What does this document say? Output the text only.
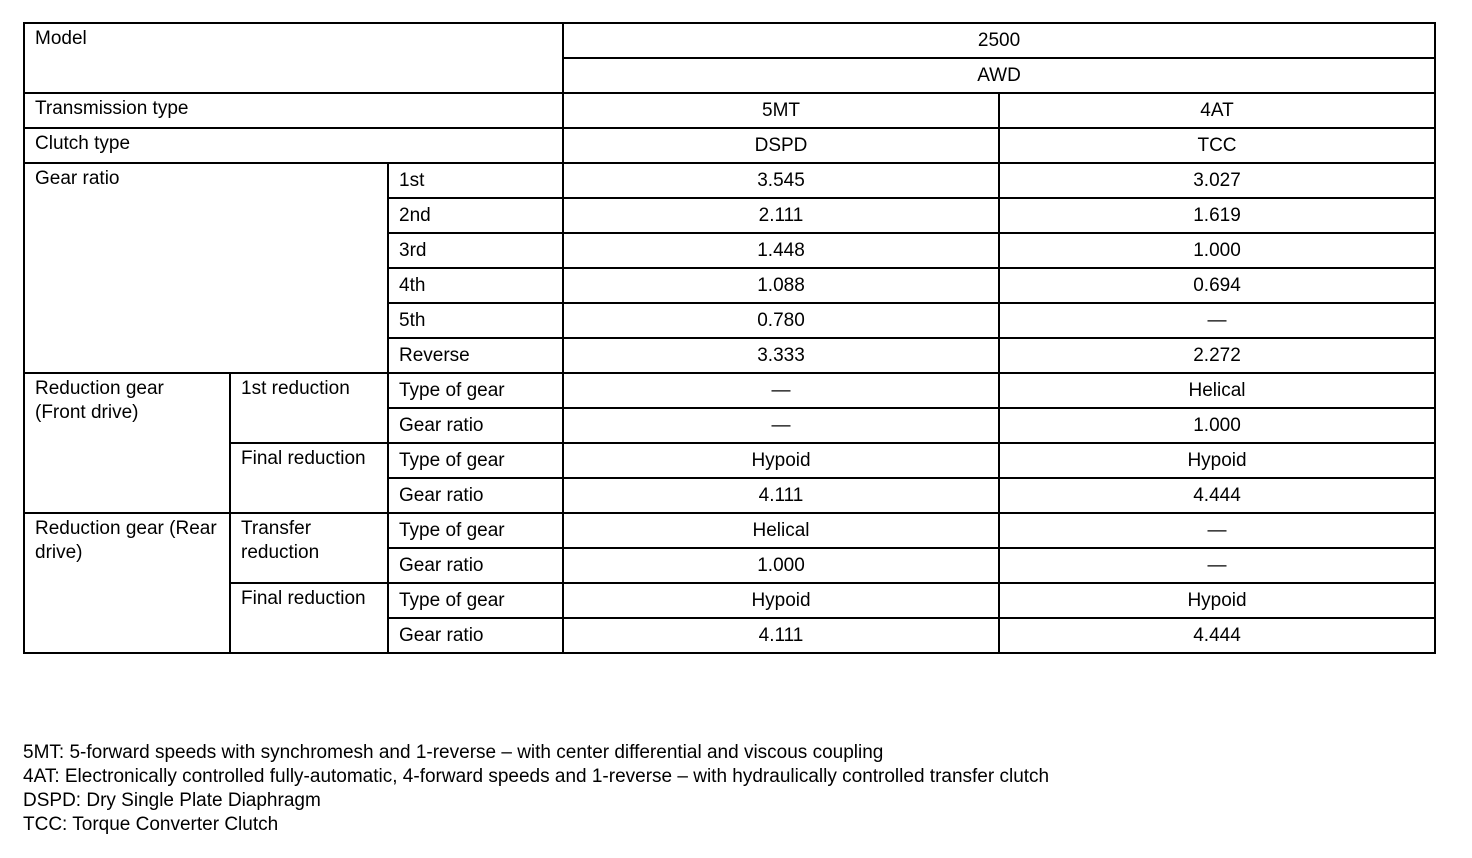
Model			2500	
			AWD	
Transmission type			5MT	4AT
Clutch type			DSPD	TCC
Gear ratio		1st	3.545	3.027
		2nd	2.111	1.619
		3rd	1.448	1.000
		4th	1.088	0.694
		5th	0.780	—
		Reverse	3.333	2.272
Reduction gear (Front drive)	1st reduction	Type of gear	—	Helical
		Gear ratio	—	1.000
	Final reduction	Type of gear	Hypoid	Hypoid
		Gear ratio	4.111	4.444
Reduction gear (Rear drive)	Transfer reduction	Type of gear	Helical	—
		Gear ratio	1.000	—
	Final reduction	Type of gear	Hypoid	Hypoid
		Gear ratio	4.111	4.444
5MT: 5-forward speeds with synchromesh and 1-reverse – with center differential and viscous coupling
4AT: Electronically controlled fully-automatic, 4-forward speeds and 1-reverse – with hydraulically controlled transfer clutch
DSPD: Dry Single Plate Diaphragm
TCC: Torque Converter Clutch
